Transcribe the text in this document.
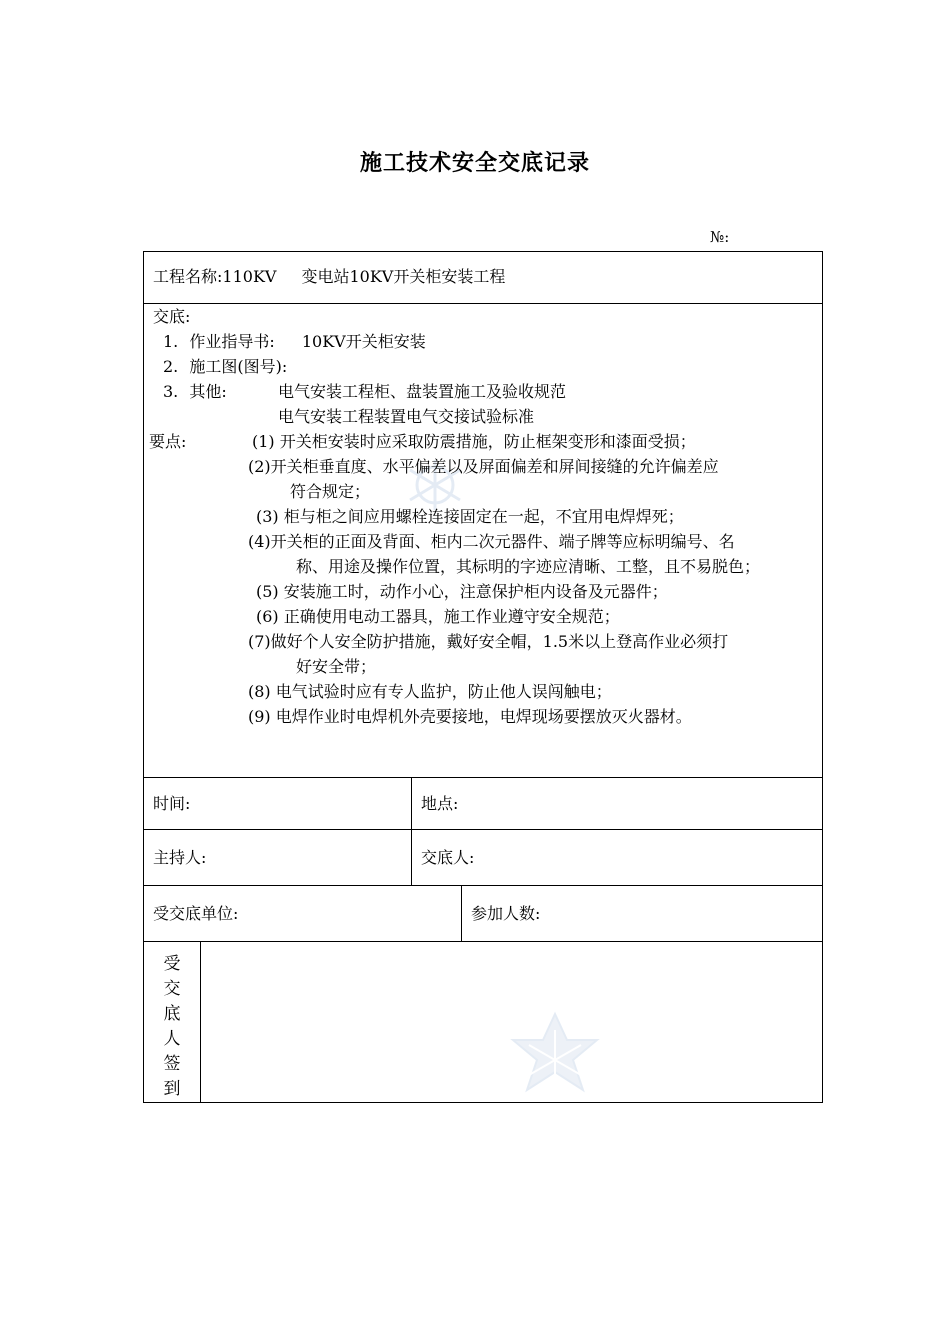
施工技术安全交底记录
№:
工程名称:110KV 变电站10KV开关柜安装工程
交底:
1. 作业指导书: 10KV开关柜安装
2. 施工图(图号):
3. 其他:	电气安装工程柜、盘装置施工及验收规范
电气安装工程装置电气交接试验标准
要点:	(1) 开关柜安装时应采取防震措施，防止框架变形和漆面受损；
(2)开关柜垂直度、水平偏差以及屏面偏差和屏间接缝的允许偏差应
符合规定；
(3) 柜与柜之间应用螺栓连接固定在一起，不宜用电焊焊死；
(4)开关柜的正面及背面、柜内二次元器件、端子牌等应标明编号、名
称、用途及操作位置，其标明的字迹应清晰、工整，且不易脱色；
(5) 安装施工时，动作小心，注意保护柜内设备及元器件；
(6) 正确使用电动工器具，施工作业遵守安全规范；
(7)做好个人安全防护措施，戴好安全帽，1.5米以上登高作业必须打
好安全带；
(8) 电气试验时应有专人监护，防止他人误闯触电；
(9) 电焊作业时电焊机外壳要接地，电焊现场要摆放灭火器材。
时间:	地点:
主持人:	交底人:
受交底单位:	参加人数:
受
交
底
人
签
到
